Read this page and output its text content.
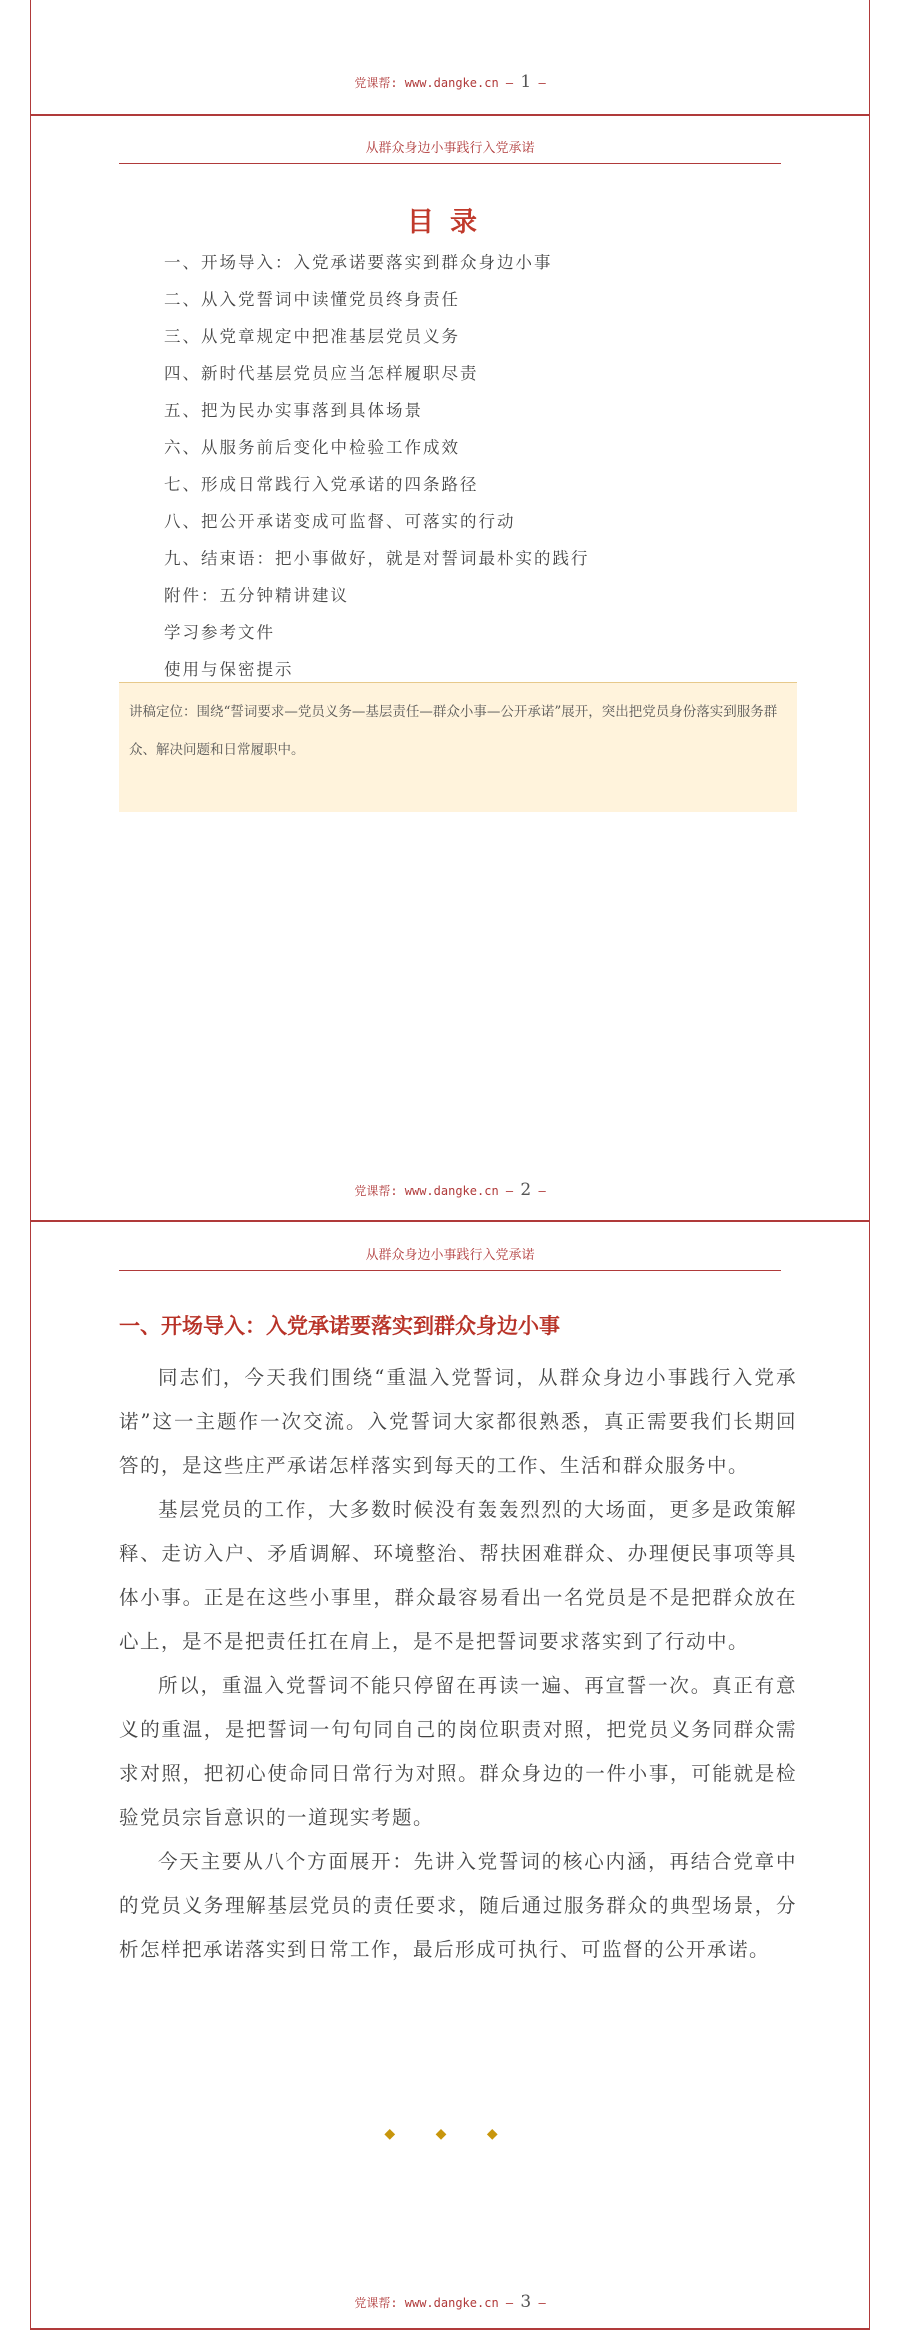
党课帮: www.dangke.cn — 1 —
从群众身边小事践行入党承诺
目录
一、开场导入：入党承诺要落实到群众身边小事
二、从入党誓词中读懂党员终身责任
三、从党章规定中把准基层党员义务
四、新时代基层党员应当怎样履职尽责
五、把为民办实事落到具体场景
六、从服务前后变化中检验工作成效
七、形成日常践行入党承诺的四条路径
八、把公开承诺变成可监督、可落实的行动
九、结束语：把小事做好，就是对誓词最朴实的践行
附件：五分钟精讲建议
学习参考文件
使用与保密提示
讲稿定位：围绕“誓词要求—党员义务—基层责任—群众小事—公开承诺”展开，突出把党员身份落实到服务群众、解决问题和日常履职中。
党课帮: www.dangke.cn — 2 —
从群众身边小事践行入党承诺
一、开场导入：入党承诺要落实到群众身边小事

同志们，今天我们围绕“重温入党誓词，从群众身边小事践行入党承诺”这一主题作一次交流。入党誓词大家都很熟悉，真正需要我们长期回答的，是这些庄严承诺怎样落实到每天的工作、生活和群众服务中。

基层党员的工作，大多数时候没有轰轰烈烈的大场面，更多是政策解释、走访入户、矛盾调解、环境整治、帮扶困难群众、办理便民事项等具体小事。正是在这些小事里，群众最容易看出一名党员是不是把群众放在心上，是不是把责任扛在肩上，是不是把誓词要求落实到了行动中。

所以，重温入党誓词不能只停留在再读一遍、再宣誓一次。真正有意义的重温，是把誓词一句句同自己的岗位职责对照，把党员义务同群众需求对照，把初心使命同日常行为对照。群众身边的一件小事，可能就是检验党员宗旨意识的一道现实考题。

今天主要从八个方面展开：先讲入党誓词的核心内涵，再结合党章中的党员义务理解基层党员的责任要求，随后通过服务群众的典型场景，分析怎样把承诺落实到日常工作，最后形成可执行、可监督的公开承诺。

◆ ◆ ◆
党课帮: www.dangke.cn — 3 —
